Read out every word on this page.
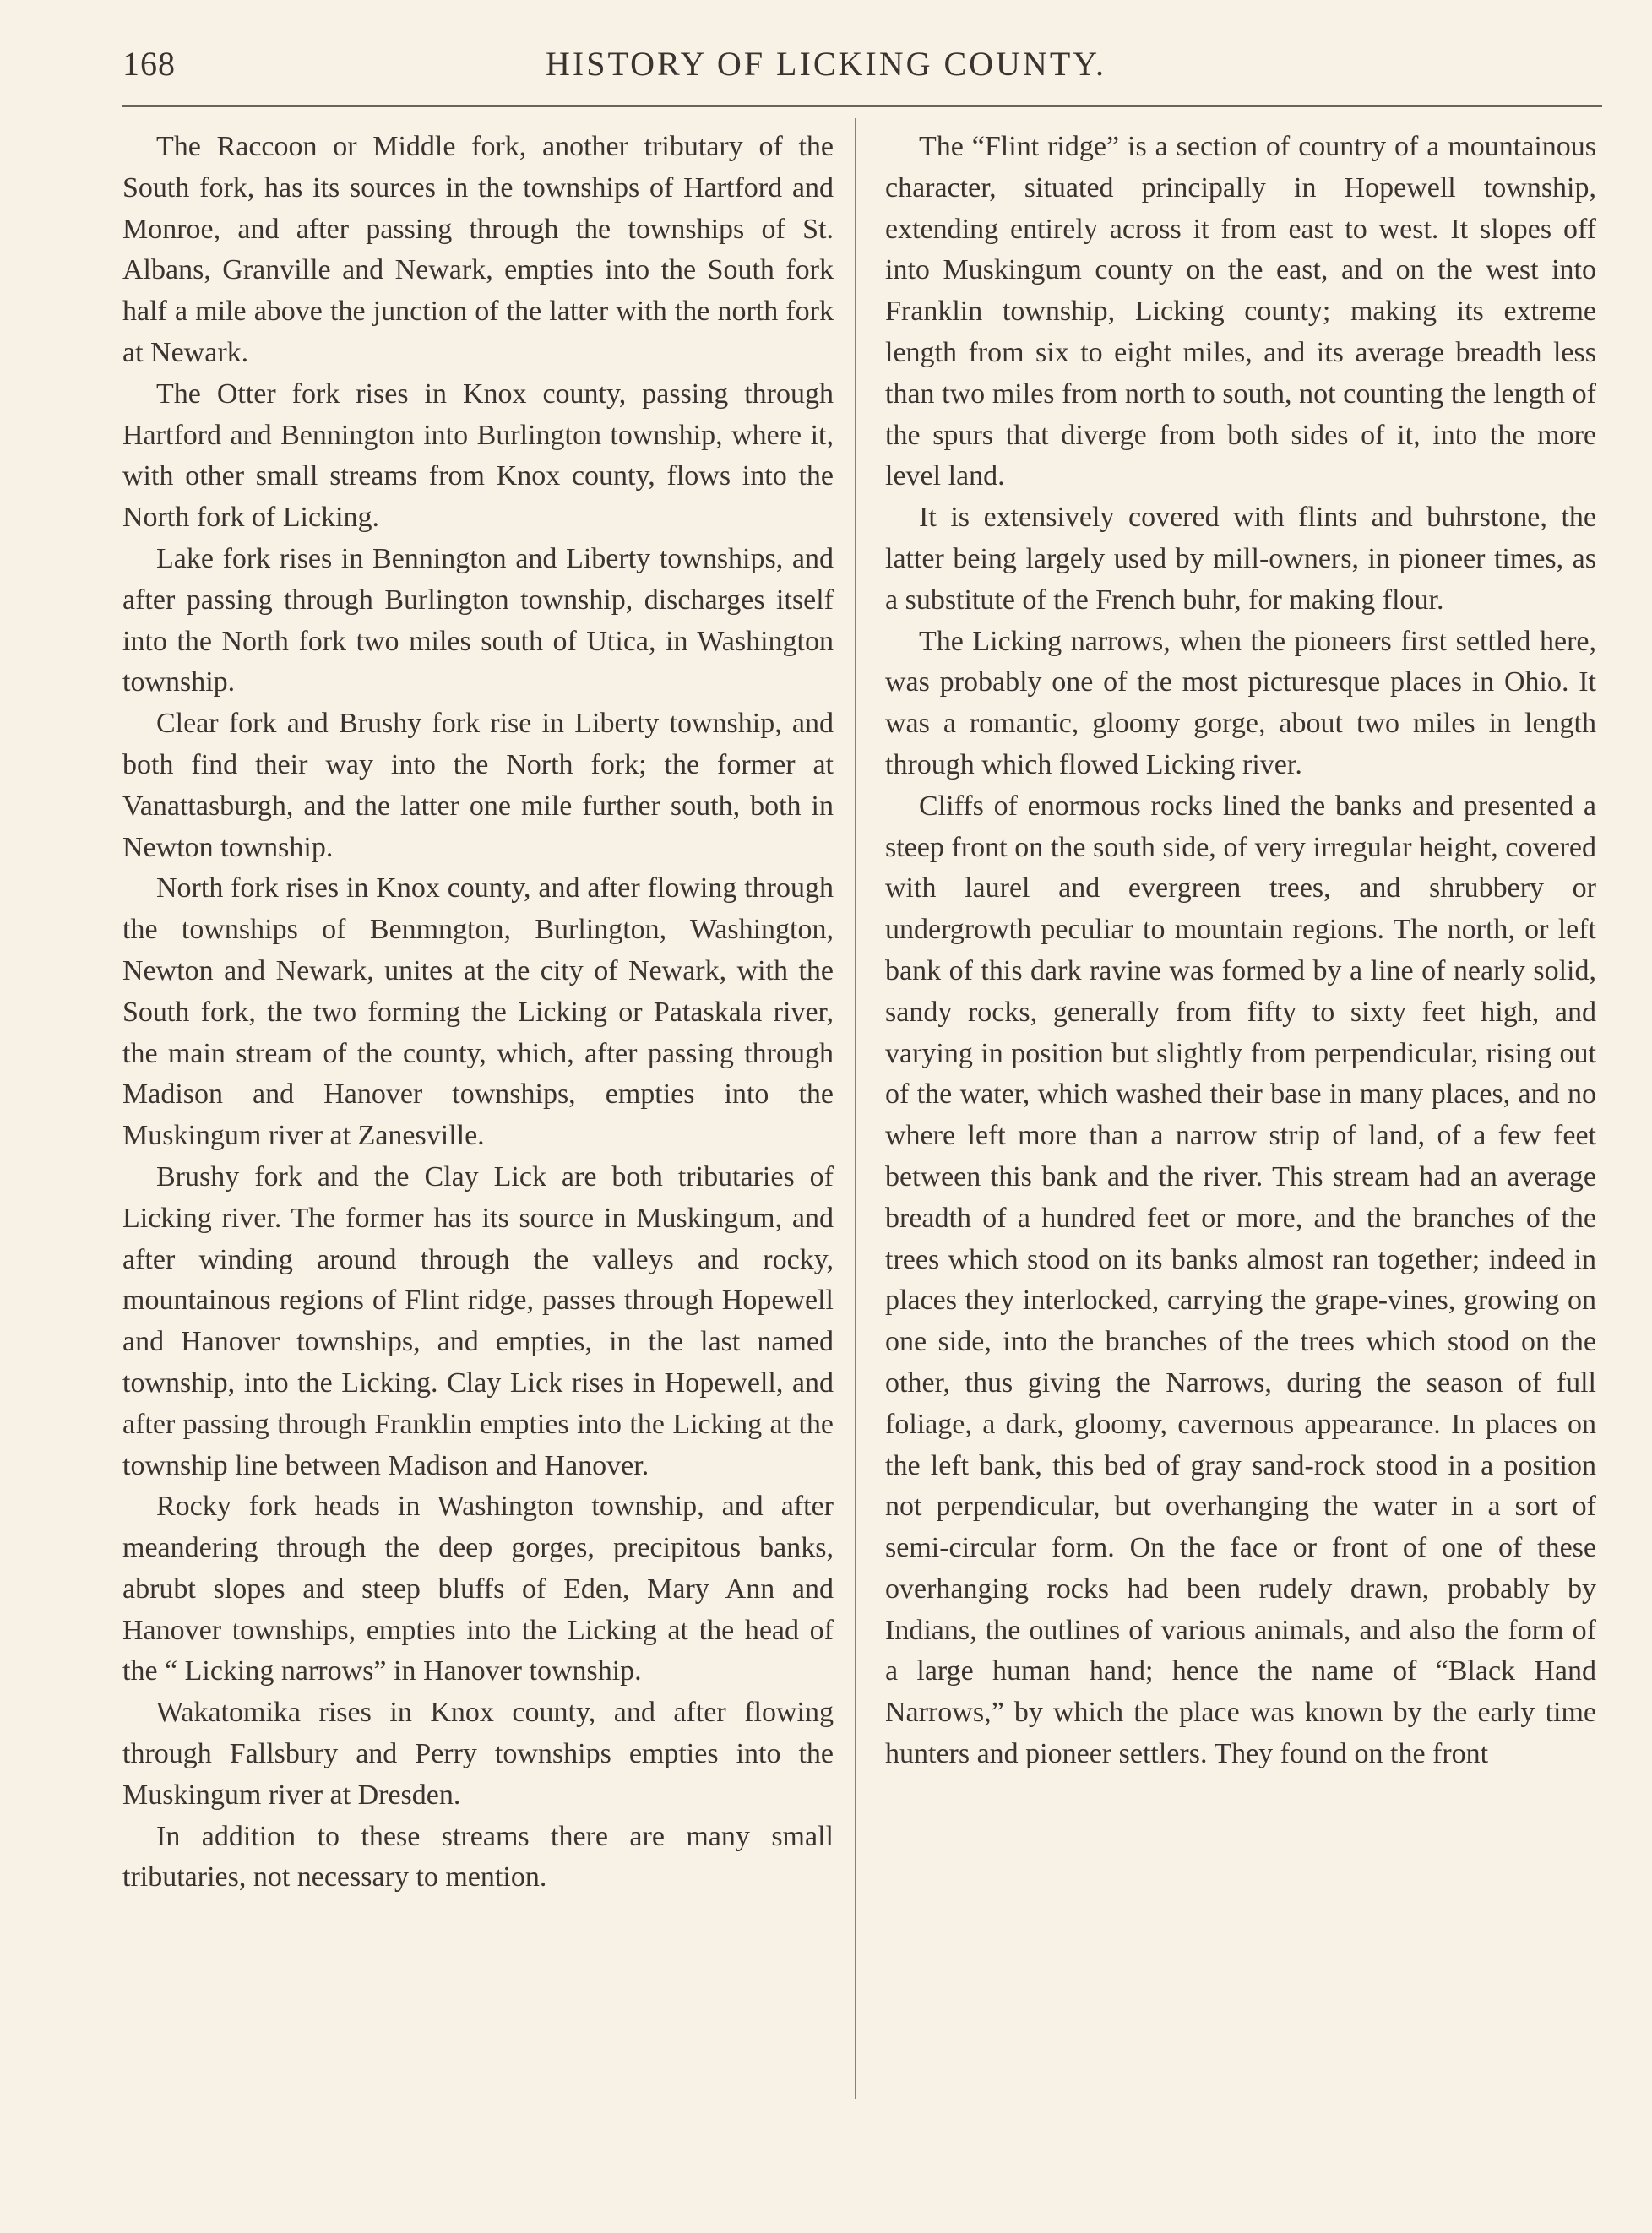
168	HISTORY OF LICKING COUNTY.

The Raccoon or Middle fork, another tributary of the South fork, has its sources in the townships of Hartford and Monroe, and after passing through the townships of St. Albans, Granville and Newark, empties into the South fork half a mile above the junction of the latter with the north fork at Newark.

The Otter fork rises in Knox county, passing through Hartford and Bennington into Burlington township, where it, with other small streams from Knox county, flows into the North fork of Licking.

Lake fork rises in Bennington and Liberty townships, and after passing through Burlington township, discharges itself into the North fork two miles south of Utica, in Washington township.

Clear fork and Brushy fork rise in Liberty township, and both find their way into the North fork; the former at Vanattasburgh, and the latter one mile further south, both in Newton township.

North fork rises in Knox county, and after flowing through the townships of Benmngton, Burlington, Washington, Newton and Newark, unites at the city of Newark, with the South fork, the two forming the Licking or Pataskala river, the main stream of the county, which, after passing through Madison and Hanover townships, empties into the Muskingum river at Zanesville.

Brushy fork and the Clay Lick are both tributaries of Licking river. The former has its source in Muskingum, and after winding around through the valleys and rocky, mountainous regions of Flint ridge, passes through Hopewell and Hanover townships, and empties, in the last named township, into the Licking. Clay Lick rises in Hopewell, and after passing through Franklin empties into the Licking at the township line between Madison and Hanover.

Rocky fork heads in Washington township, and after meandering through the deep gorges, precipitous banks, abrubt slopes and steep bluffs of Eden, Mary Ann and Hanover townships, empties into the Licking at the head of the “ Licking narrows” in Hanover township.

Wakatomika rises in Knox county, and after flowing through Fallsbury and Perry townships empties into the Muskingum river at Dresden.

In addition to these streams there are many small tributaries, not necessary to mention.

The “Flint ridge” is a section of country of a mountainous character, situated principally in Hopewell township, extending entirely across it from east to west. It slopes off into Muskingum county on the east, and on the west into Franklin township, Licking county; making its extreme length from six to eight miles, and its average breadth less than two miles from north to south, not counting the length of the spurs that diverge from both sides of it, into the more level land.

It is extensively covered with flints and buhrstone, the latter being largely used by mill-owners, in pioneer times, as a substitute of the French buhr, for making flour.

The Licking narrows, when the pioneers first settled here, was probably one of the most picturesque places in Ohio. It was a romantic, gloomy gorge, about two miles in length through which flowed Licking river.

Cliffs of enormous rocks lined the banks and presented a steep front on the south side, of very irregular height, covered with laurel and evergreen trees, and shrubbery or undergrowth peculiar to mountain regions. The north, or left bank of this dark ravine was formed by a line of nearly solid, sandy rocks, generally from fifty to sixty feet high, and varying in position but slightly from perpendicular, rising out of the water, which washed their base in many places, and no where left more than a narrow strip of land, of a few feet between this bank and the river. This stream had an average breadth of a hundred feet or more, and the branches of the trees which stood on its banks almost ran together; indeed in places they interlocked, carrying the grape-vines, growing on one side, into the branches of the trees which stood on the other, thus giving the Narrows, during the season of full foliage, a dark, gloomy, cavernous appearance. In places on the left bank, this bed of gray sand-rock stood in a position not perpendicular, but overhanging the water in a sort of semi-circular form. On the face or front of one of these overhanging rocks had been rudely drawn, probably by Indians, the outlines of various animals, and also the form of a large human hand; hence the name of “Black Hand Narrows,” by which the place was known by the early time hunters and pioneer settlers. They found on the front
